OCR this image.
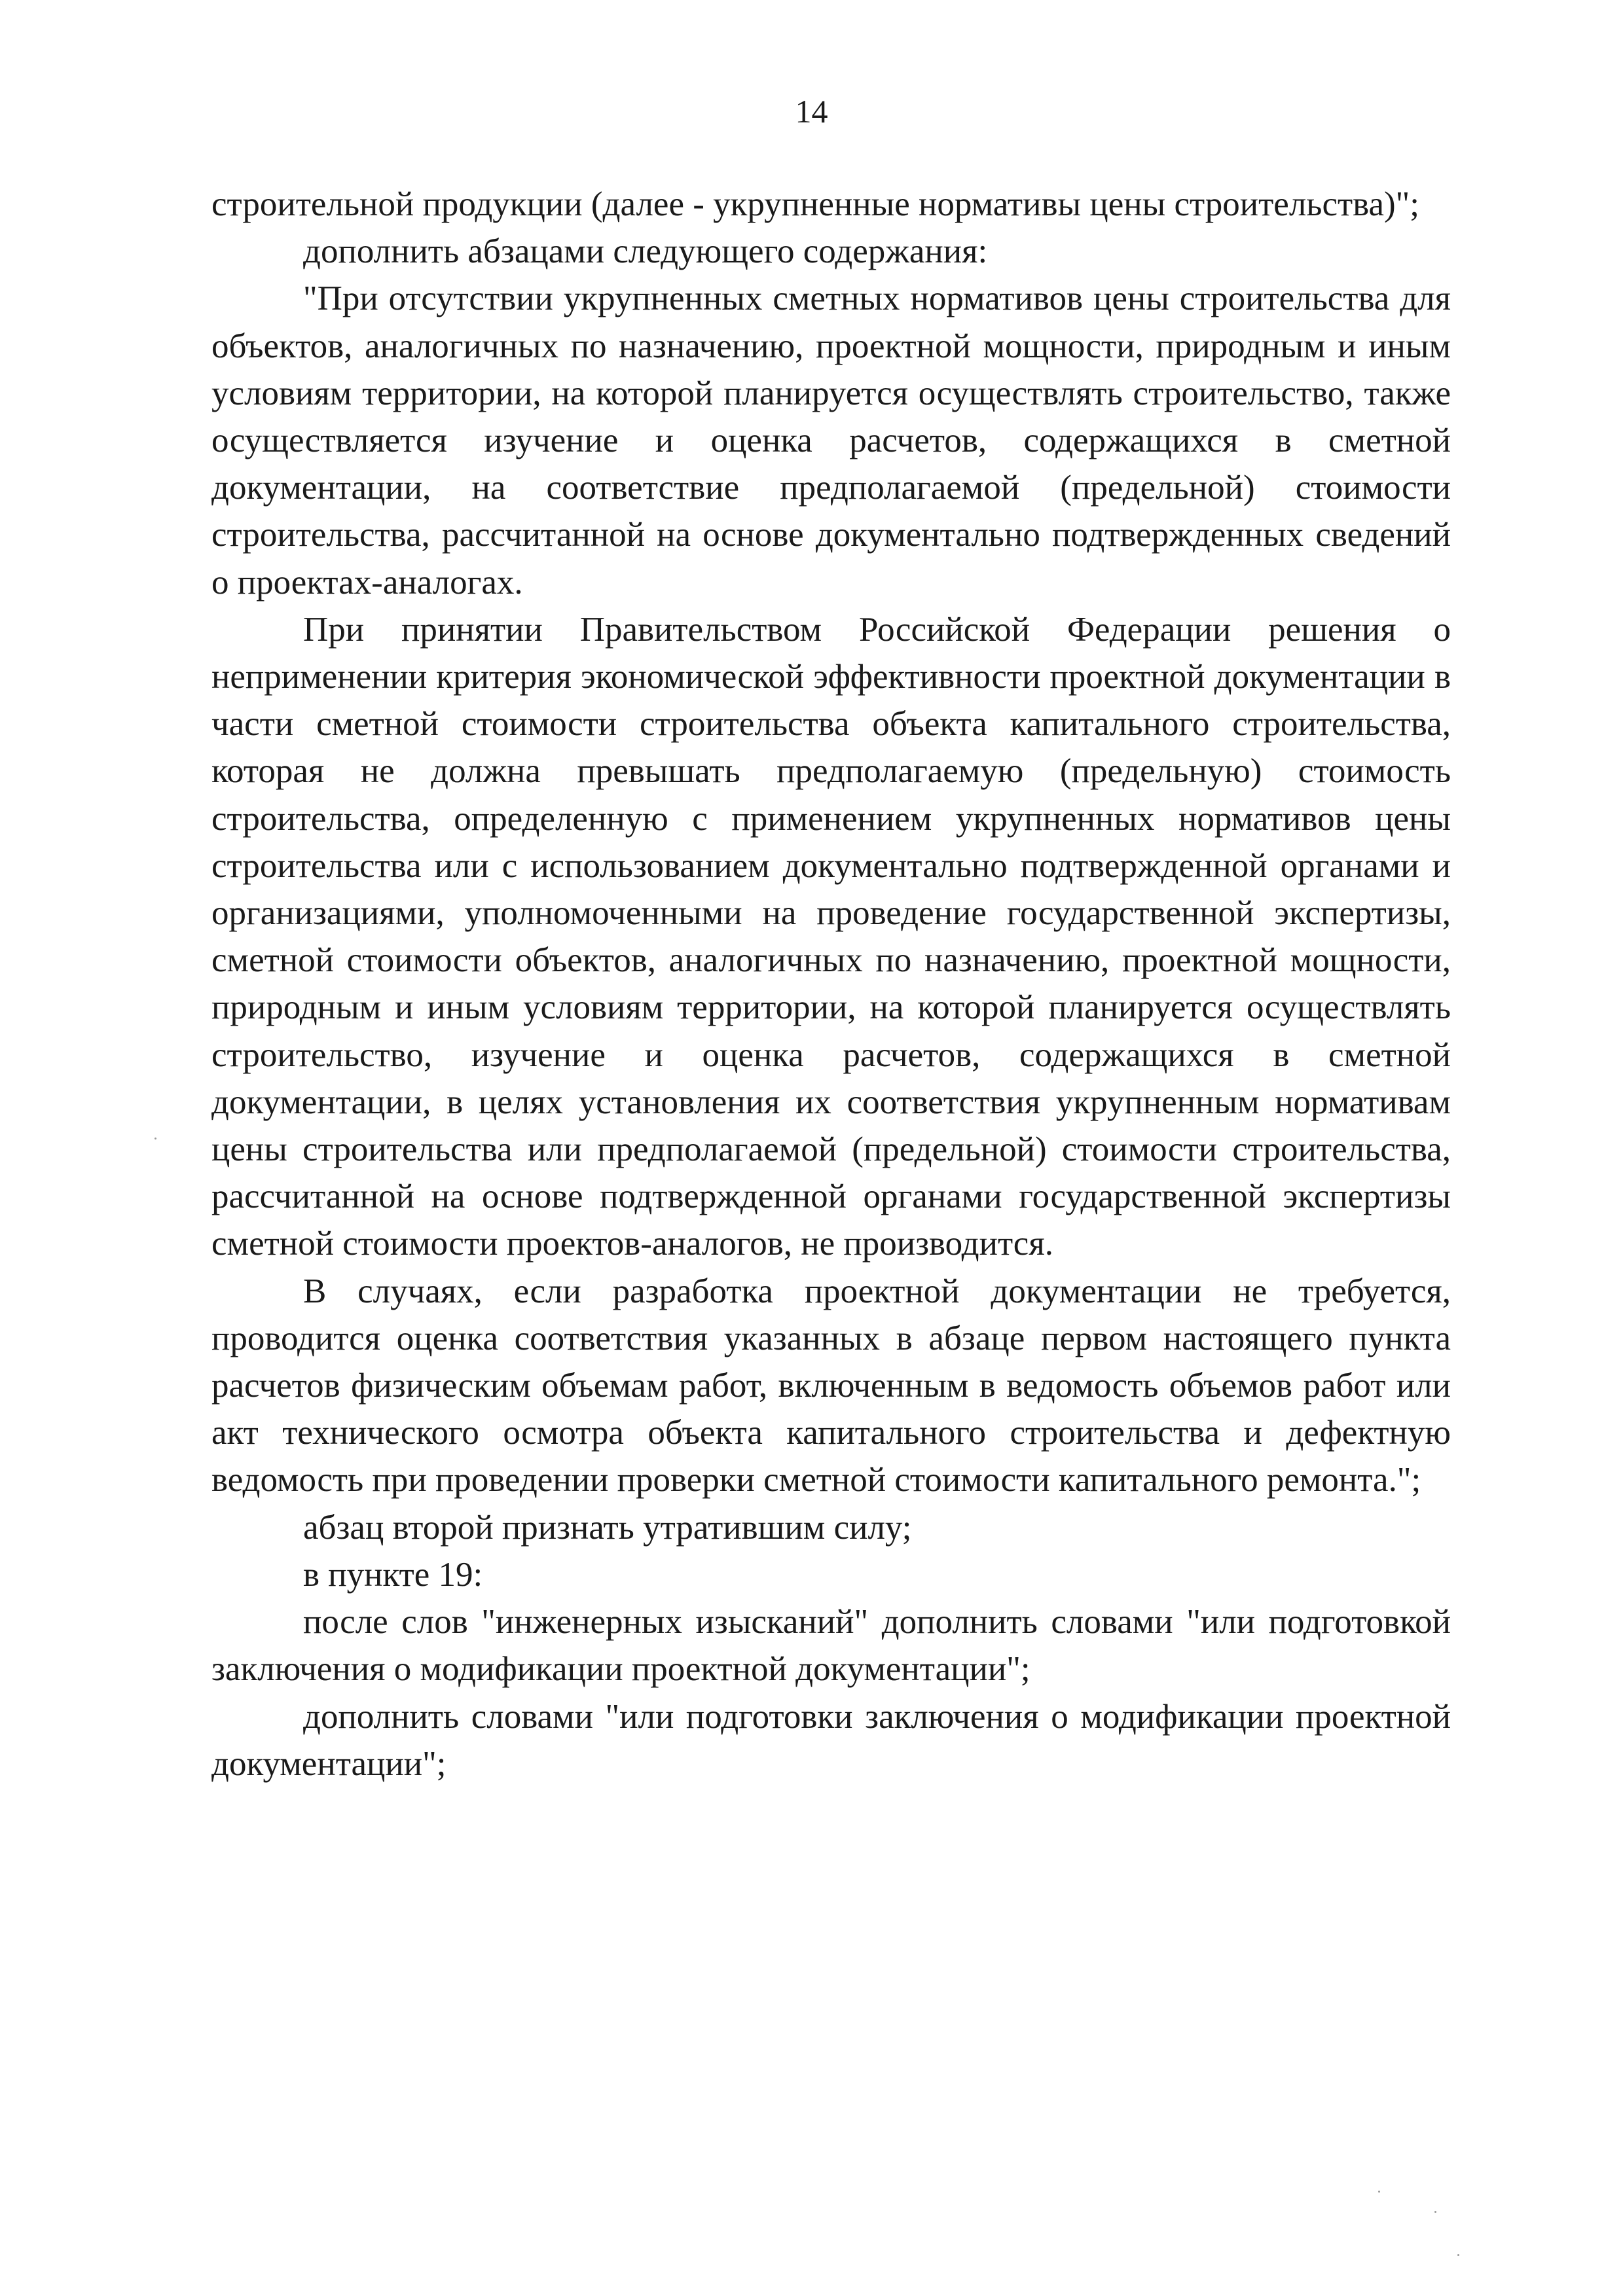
14

строительной продукции (далее - укрупненные нормативы цены строительства)";

дополнить абзацами следующего содержания:

"При отсутствии укрупненных сметных нормативов цены строительства для объектов, аналогичных по назначению, проектной мощности, природным и иным условиям территории, на которой планируется осуществлять строительство, также осуществляется изучение и оценка расчетов, содержащихся в сметной документации, на соответствие предполагаемой (предельной) стоимости строительства, рассчитанной на основе документально подтвержденных сведений о проектах-аналогах.

При принятии Правительством Российской Федерации решения о неприменении критерия экономической эффективности проектной документации в части сметной стоимости строительства объекта капитального строительства, которая не должна превышать предполагаемую (предельную) стоимость строительства, определенную с применением укрупненных нормативов цены строительства или с использованием документально подтвержденной органами и организациями, уполномоченными на проведение государственной экспертизы, сметной стоимости объектов, аналогичных по назначению, проектной мощности, природным и иным условиям территории, на которой планируется осуществлять строительство, изучение и оценка расчетов, содержащихся в сметной документации, в целях установления их соответствия укрупненным нормативам цены строительства или предполагаемой (предельной) стоимости строительства, рассчитанной на основе подтвержденной органами государственной экспертизы сметной стоимости проектов-аналогов, не производится.

В случаях, если разработка проектной документации не требуется, проводится оценка соответствия указанных в абзаце первом настоящего пункта расчетов физическим объемам работ, включенным в ведомость объемов работ или акт технического осмотра объекта капитального строительства и дефектную ведомость при проведении проверки сметной стоимости капитального ремонта.";

абзац второй признать утратившим силу;

в пункте 19:

после слов "инженерных изысканий" дополнить словами "или подготовкой заключения о модификации проектной документации";

дополнить словами "или подготовки заключения о модификации проектной документации";
